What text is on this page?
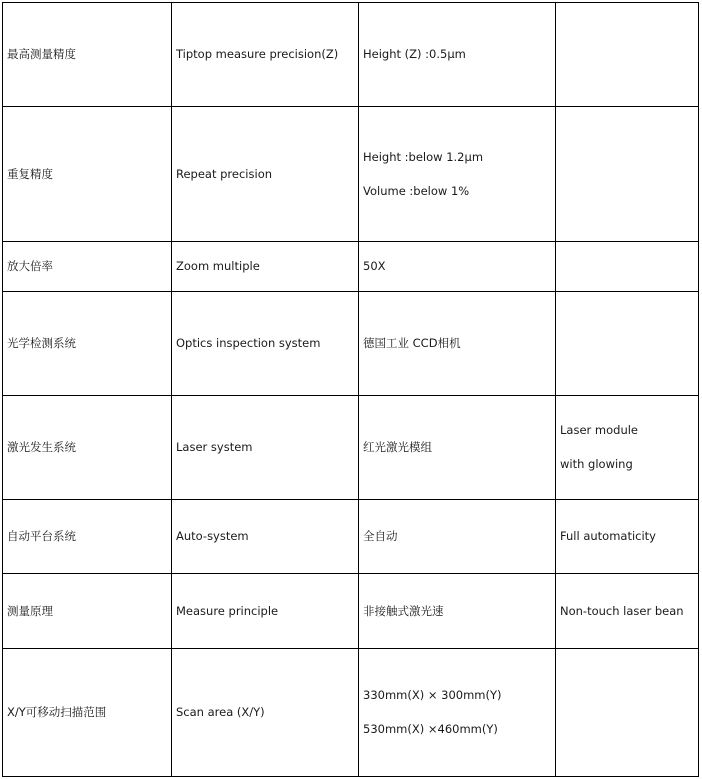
最高测量精度	Tiptop measure precision(Z)	Height (Z) :0.5μm	

重复精度	Repeat precision	Height :below 1.2μm
Volume :below 1%	

放大倍率	Zoom multiple	50X	

光学检测系统	Optics inspection system	德国工业 CCD相机	

激光发生系统	Laser system	红光激光模组	Laser module
with glowing

自动平台系统	Auto-system	全自动	Full automaticity

测量原理	Measure principle	非接触式激光速	Non-touch laser bean

X/Y可移动扫描范围	Scan area (X/Y)	330mm(X) × 300mm(Y)
530mm(X) ×460mm(Y)	
